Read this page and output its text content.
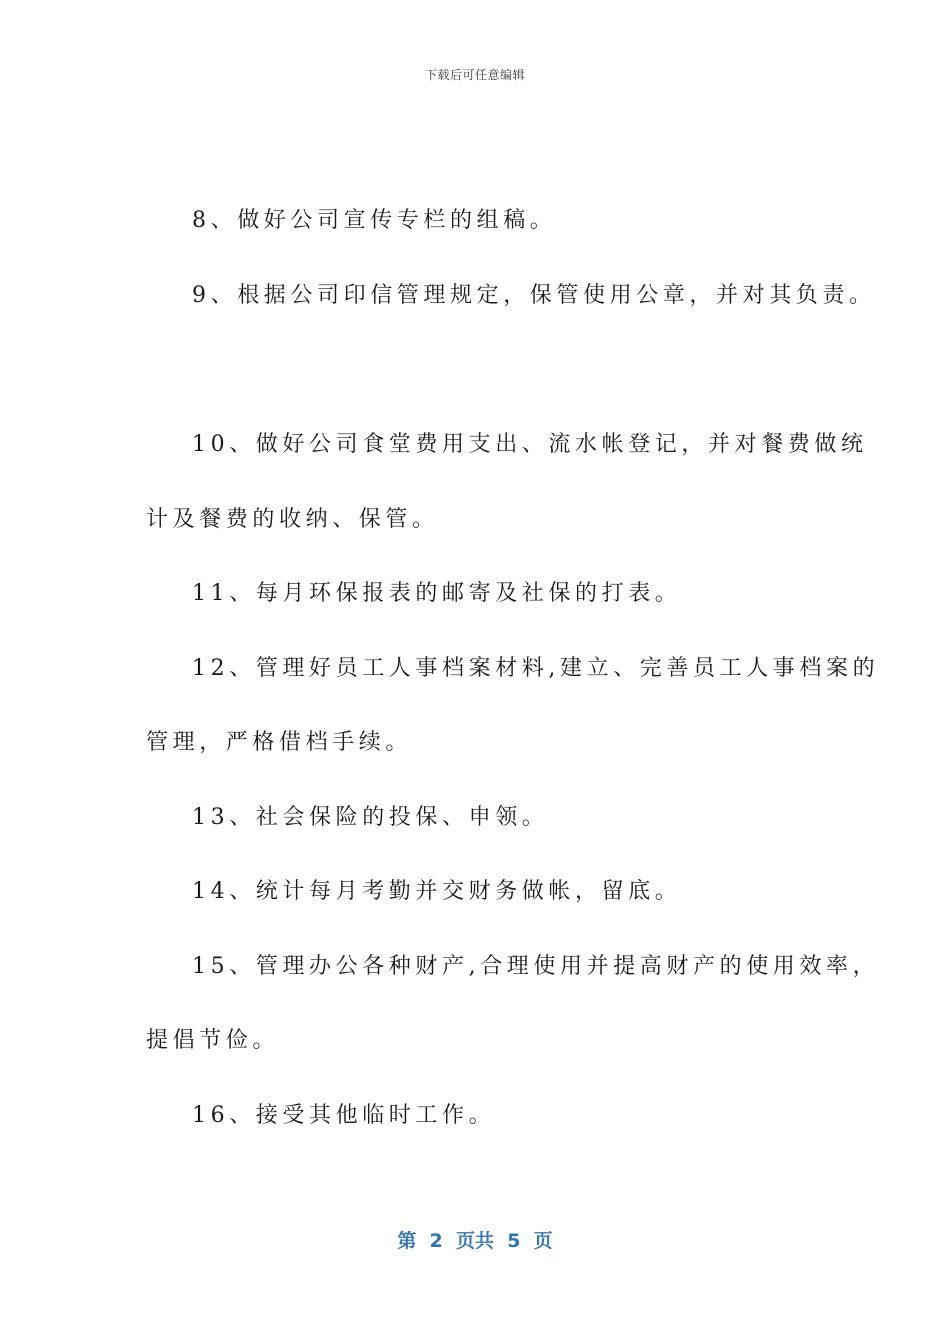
下载后可任意编辑
8、做好公司宣传专栏的组稿。
9、根据公司印信管理规定，保管使用公章，并对其负责。
10、做好公司食堂费用支出、流水帐登记，并对餐费做统
计及餐费的收纳、保管。
11、每月环保报表的邮寄及社保的打表。
12、管理好员工人事档案材料,建立、完善员工人事档案的
管理，严格借档手续。
13、社会保险的投保、申领。
14、统计每月考勤并交财务做帐，留底。
15、管理办公各种财产,合理使用并提高财产的使用效率，
提倡节俭。
16、接受其他临时工作。
第  2  页共  5  页
